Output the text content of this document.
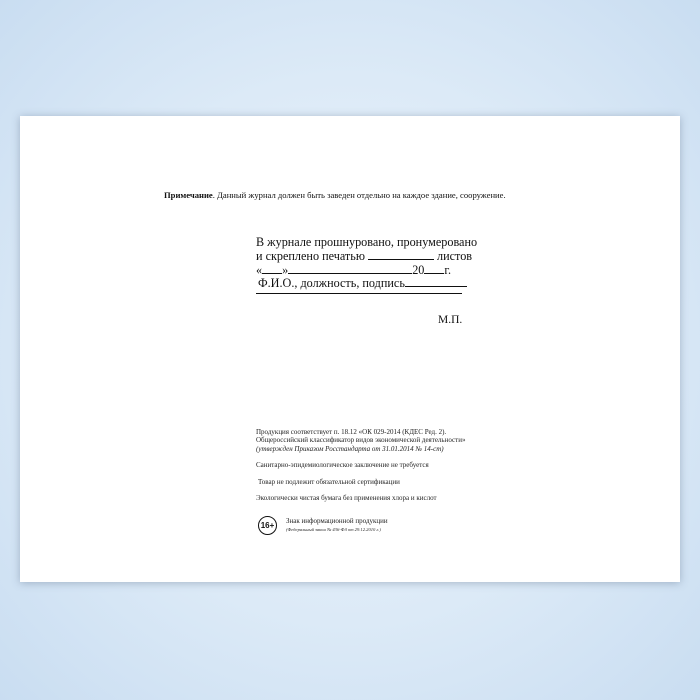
Примечание. Данный журнал должен быть заведен отдельно на каждое здание, сооружение.
В журнале прошнуровано, пронумеровано
и скреплено печатью	листов
« »	20 г.
Ф.И.О., должность, подпись
М.П.
Продукция соответствует п. 18.12 «ОК 029-2014 (КДЕС Ред. 2).
Общероссийский классификатор видов экономической деятельности»
(утвержден Приказом Росстандарта от 31.01.2014 № 14-ст)
Санитарно-эпидемиологическое заключение не требуется
Товар не подлежит обязательной сертификации
Экологически чистая бумага без применения хлора и кислот
16+	Знак информационной продукции
(Федеральный закон № 436-ФЗ от 29.12.2010 г.)
